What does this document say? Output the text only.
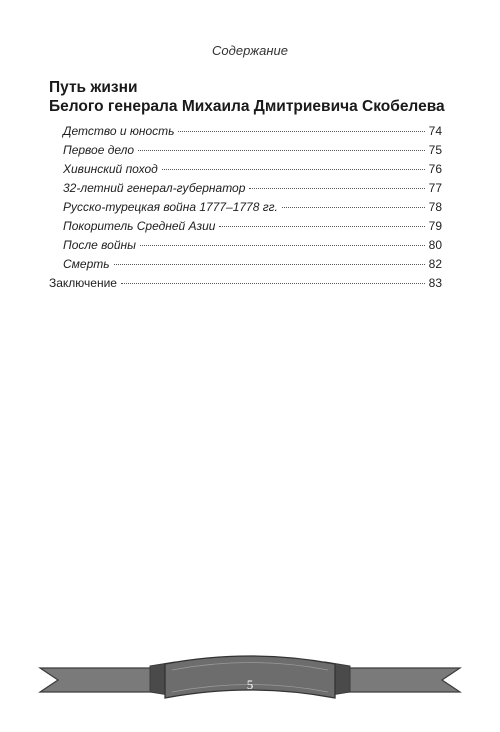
Содержание
Путь жизни
Белого генерала Михаила Дмитриевича Скобелева
Детство и юность	74
Первое дело	75
Хивинский поход	76
32-летний генерал-губернатор	77
Русско-турецкая война 1777–1778 гг.	78
Покоритель Средней Азии	79
После войны	80
Смерть	82
Заключение	83
5
